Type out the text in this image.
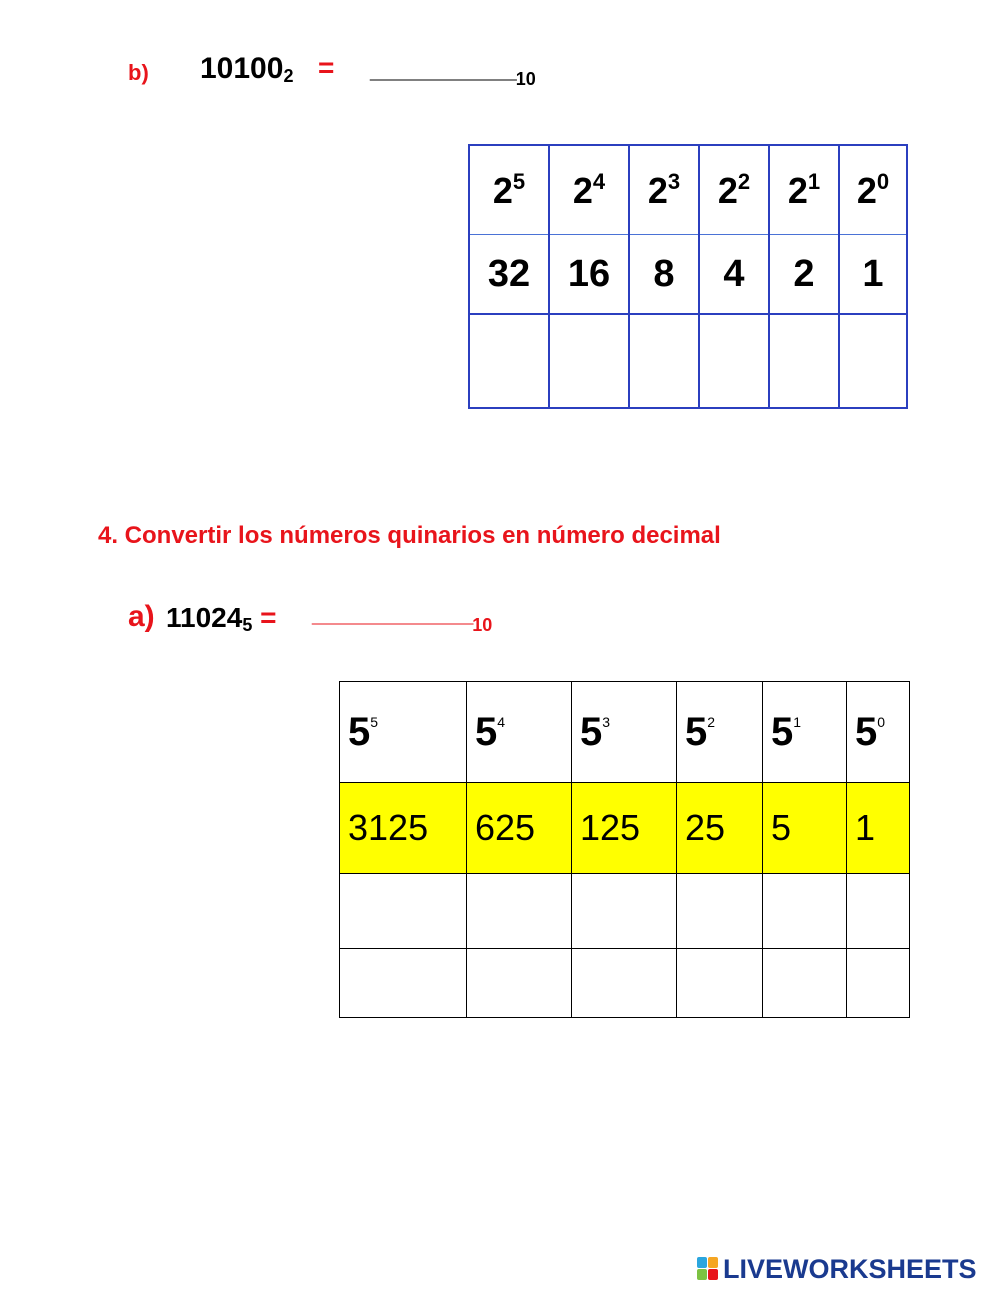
b) $10100_2$ = $\_\_\_\_\_\_\_\_\_\__{10}$
$2^5$	$2^4$	$2^3$	$2^2$	$2^1$	$2^0$
32	16	8	4	2	1

4. Convertir los números quinarios en número decimal
a) $11024_5$ = $\_\_\_\_\_\_\_\_\_\_\__{10}$
$5^5$	$5^4$	$5^3$	$5^2$	$5^1$	$5^0$
3125	625	125	25	5	1

LIVEWORKSHEETS
